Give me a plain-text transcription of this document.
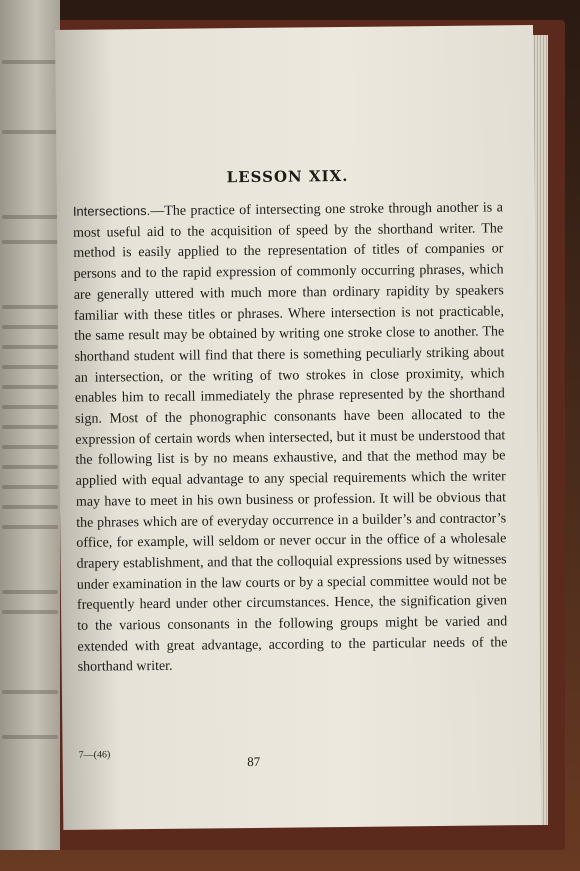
LESSON XIX.

Intersections.—The practice of intersecting one stroke through another is a most useful aid to the acquisition of speed by the shorthand writer. The method is easily applied to the representation of titles of companies or persons and to the rapid expression of commonly occurring phrases, which are generally uttered with much more than ordinary rapidity by speakers familiar with these titles or phrases. Where intersection is not practicable, the same result may be obtained by writing one stroke close to another. The shorthand student will find that there is something peculiarly striking about an intersection, or the writing of two strokes in close proximity, which enables him to recall immediately the phrase represented by the shorthand sign. Most of the phonographic consonants have been allocated to the expression of certain words when intersected, but it must be understood that the following list is by no means exhaustive, and that the method may be applied with equal advantage to any special requirements which the writer may have to meet in his own business or profession. It will be obvious that the phrases which are of everyday occurrence in a builder’s and contractor’s office, for example, will seldom or never occur in the office of a wholesale drapery establishment, and that the colloquial expressions used by witnesses under examination in the law courts or by a special committee would not be frequently heard under other circumstances. Hence, the signification given to the various consonants in the following groups might be varied and extended with great advantage, according to the particular needs of the shorthand writer.

7—(46)	87
